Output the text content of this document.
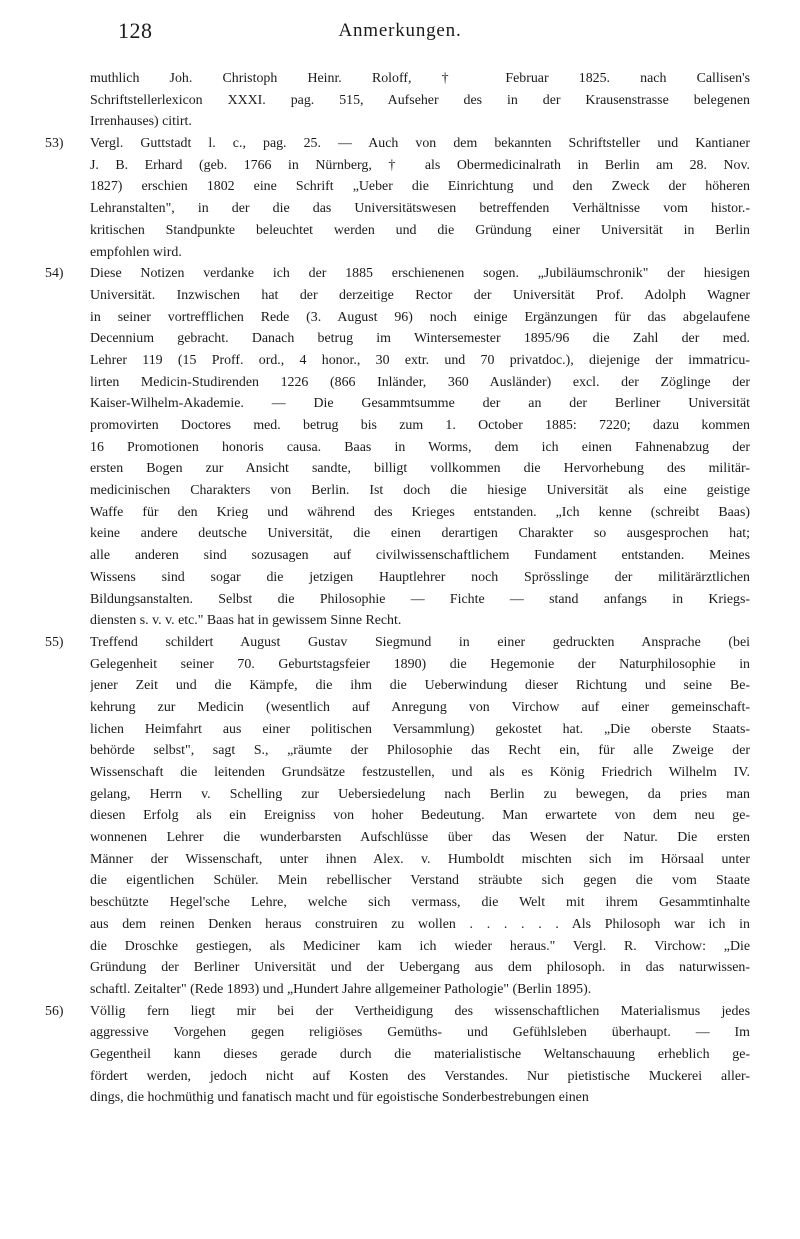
128	Anmerkungen.
muthlich Joh. Christoph Heinr. Roloff, † Februar 1825. nach Callisen's
Schriftstellerlexicon XXXI. pag. 515, Aufseher des in der Krausenstrasse belegenen
Irrenhauses) citirt.
53)	Vergl. Guttstadt l. c., pag. 25. — Auch von dem bekannten Schriftsteller und Kantianer
J. B. Erhard (geb. 1766 in Nürnberg, † als Obermedicinalrath in Berlin am 28. Nov.
1827) erschien 1802 eine Schrift „Ueber die Einrichtung und den Zweck der höheren
Lehranstalten", in der die das Universitätswesen betreffenden Verhältnisse vom histor.-
kritischen Standpunkte beleuchtet werden und die Gründung einer Universität in Berlin
empfohlen wird.
54)	Diese Notizen verdanke ich der 1885 erschienenen sogen. „Jubiläumschronik" der hiesigen
Universität. Inzwischen hat der derzeitige Rector der Universität Prof. Adolph Wagner
in seiner vortrefflichen Rede (3. August 96) noch einige Ergänzungen für das abgelaufene
Decennium gebracht. Danach betrug im Wintersemester 1895/96 die Zahl der med.
Lehrer 119 (15 Proff. ord., 4 honor., 30 extr. und 70 privatdoc.), diejenige der immatricu-
lirten Medicin-Studirenden 1226 (866 Inländer, 360 Ausländer) excl. der Zöglinge der
Kaiser-Wilhelm-Akademie. — Die Gesammtsumme der an der Berliner Universität
promovirten Doctores med. betrug bis zum 1. October 1885: 7220; dazu kommen
16 Promotionen honoris causa. Baas in Worms, dem ich einen Fahnenabzug der
ersten Bogen zur Ansicht sandte, billigt vollkommen die Hervorhebung des militär-
medicinischen Charakters von Berlin. Ist doch die hiesige Universität als eine geistige
Waffe für den Krieg und während des Krieges entstanden. „Ich kenne (schreibt Baas)
keine andere deutsche Universität, die einen derartigen Charakter so ausgesprochen hat;
alle anderen sind sozusagen auf civilwissenschaftlichem Fundament entstanden. Meines
Wissens sind sogar die jetzigen Hauptlehrer noch Sprösslinge der militärärztlichen
Bildungsanstalten. Selbst die Philosophie — Fichte — stand anfangs in Kriegs-
diensten s. v. v. etc." Baas hat in gewissem Sinne Recht.
55)	Treffend schildert August Gustav Siegmund in einer gedruckten Ansprache (bei
Gelegenheit seiner 70. Geburtstagsfeier 1890) die Hegemonie der Naturphilosophie in
jener Zeit und die Kämpfe, die ihm die Ueberwindung dieser Richtung und seine Be-
kehrung zur Medicin (wesentlich auf Anregung von Virchow auf einer gemeinschaft-
lichen Heimfahrt aus einer politischen Versammlung) gekostet hat. „Die oberste Staats-
behörde selbst", sagt S., „räumte der Philosophie das Recht ein, für alle Zweige der
Wissenschaft die leitenden Grundsätze festzustellen, und als es König Friedrich Wilhelm IV.
gelang, Herrn v. Schelling zur Uebersiedelung nach Berlin zu bewegen, da pries man
diesen Erfolg als ein Ereigniss von hoher Bedeutung. Man erwartete von dem neu ge-
wonnenen Lehrer die wunderbarsten Aufschlüsse über das Wesen der Natur. Die ersten
Männer der Wissenschaft, unter ihnen Alex. v. Humboldt mischten sich im Hörsaal unter
die eigentlichen Schüler. Mein rebellischer Verstand sträubte sich gegen die vom Staate
beschützte Hegel'sche Lehre, welche sich vermass, die Welt mit ihrem Gesammtinhalte
aus dem reinen Denken heraus construiren zu wollen . . . . . . Als Philosoph war ich in
die Droschke gestiegen, als Mediciner kam ich wieder heraus." Vergl. R. Virchow: „Die
Gründung der Berliner Universität und der Uebergang aus dem philosoph. in das naturwissen-
schaftl. Zeitalter" (Rede 1893) und „Hundert Jahre allgemeiner Pathologie" (Berlin 1895).
56)	Völlig fern liegt mir bei der Vertheidigung des wissenschaftlichen Materialismus jedes
aggressive Vorgehen gegen religiöses Gemüths- und Gefühlsleben überhaupt. — Im
Gegentheil kann dieses gerade durch die materialistische Weltanschauung erheblich ge-
fördert werden, jedoch nicht auf Kosten des Verstandes. Nur pietistische Muckerei aller-
dings, die hochmüthig und fanatisch macht und für egoistische Sonderbestrebungen einen
